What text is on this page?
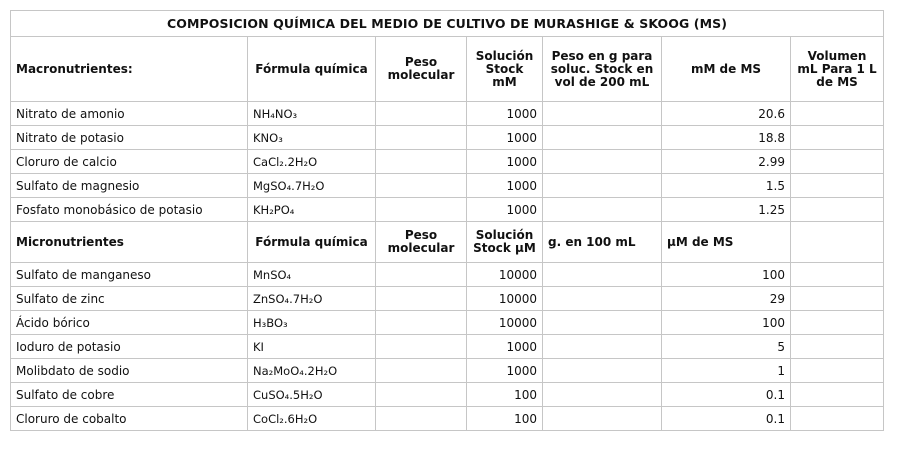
COMPOSICION QUÍMICA DEL MEDIO DE CULTIVO DE MURASHIGE & SKOOG (MS)						
Macronutrientes:	Fórmula química	Peso molecular	Solución Stock mM	Peso en g para soluc. Stock en vol de 200 mL	mM de MS	Volumen mL Para 1 L de MS
Nitrato de amonio	NH₄NO₃		1000		20.6	
Nitrato de potasio	KNO₃		1000		18.8	
Cloruro de calcio	CaCl₂.2H₂O		1000		2.99	
Sulfato de magnesio	MgSO₄.7H₂O		1000		1.5	
Fosfato monobásico de potasio	KH₂PO₄		1000		1.25	
Micronutrientes	Fórmula química	Peso molecular	Solución Stock µM	g. en 100 mL	µM de MS	
Sulfato de manganeso	MnSO₄		10000		100	
Sulfato de zinc	ZnSO₄.7H₂O		10000		29	
Ácido bórico	H₃BO₃		10000		100	
Ioduro de potasio	KI		1000		5	
Molibdato de sodio	Na₂MoO₄.2H₂O		1000		1	
Sulfato de cobre	CuSO₄.5H₂O		100		0.1	
Cloruro de cobalto	CoCl₂.6H₂O		100		0.1	
